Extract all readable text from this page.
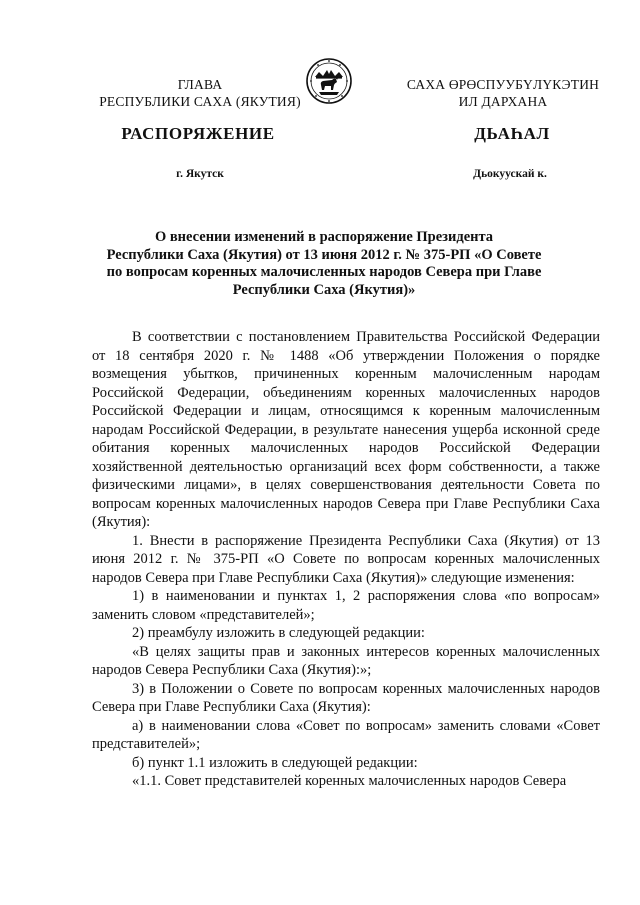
ГЛАВА
РЕСПУБЛИКИ САХА (ЯКУТИЯ)
САХА ӨРӨСПУУБҮЛҮКЭТИН
ИЛ ДАРХАНА
РАСПОРЯЖЕНИЕ	ДЬАҺАЛ
г. Якутск	Дьокуускай к.
О внесении изменений в распоряжение Президента
Республики Саха (Якутия) от 13 июня 2012 г. № 375-РП «О Совете
по вопросам коренных малочисленных народов Севера при Главе
Республики Саха (Якутия)»

В соответствии с постановлением Правительства Российской Федерации от 18 сентября 2020 г. № 1488 «Об утверждении Положения о порядке возмещения убытков, причиненных коренным малочисленным народам Российской Федерации, объединениям коренных малочисленных народов Российской Федерации и лицам, относящимся к коренным малочисленным народам Российской Федерации, в результате нанесения ущерба исконной среде обитания коренных малочисленных народов Российской Федерации хозяйственной деятельностью организаций всех форм собственности, а также физическими лицами», в целях совершенствования деятельности Совета по вопросам коренных малочисленных народов Севера при Главе Республики Саха (Якутия):

1. Внести в распоряжение Президента Республики Саха (Якутия) от 13 июня 2012 г. № 375-РП «О Совете по вопросам коренных малочисленных народов Севера при Главе Республики Саха (Якутия)» следующие изменения:

1) в наименовании и пунктах 1, 2 распоряжения слова «по вопросам» заменить словом «представителей»;

2) преамбулу изложить в следующей редакции:

«В целях защиты прав и законных интересов коренных малочисленных народов Севера Республики Саха (Якутия):»;

3) в Положении о Совете по вопросам коренных малочисленных народов Севера при Главе Республики Саха (Якутия):

а) в наименовании слова «Совет по вопросам» заменить словами «Совет представителей»;

б) пункт 1.1 изложить в следующей редакции:

«1.1. Совет представителей коренных малочисленных народов Севера
